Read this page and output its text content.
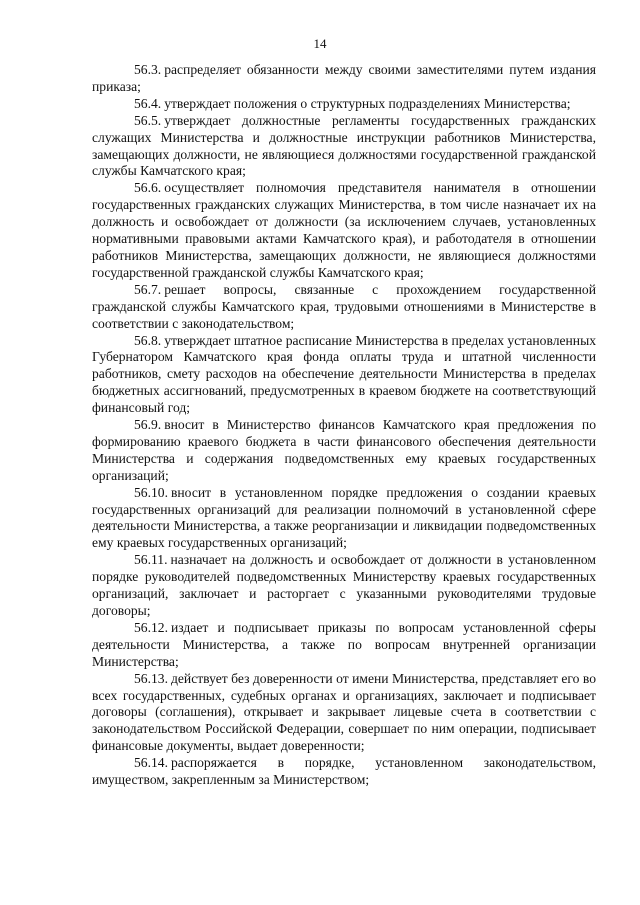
14

56.3. распределяет обязанности между своими заместителями путем издания приказа;

56.4. утверждает положения о структурных подразделениях Министерства;

56.5. утверждает должностные регламенты государственных гражданских служащих Министерства и должностные инструкции работников Министерства, замещающих должности, не являющиеся должностями государственной гражданской службы Камчатского края;

56.6. осуществляет полномочия представителя нанимателя в отношении государственных гражданских служащих Министерства, в том числе назначает их на должность и освобождает от должности (за исключением случаев, установленных нормативными правовыми актами Камчатского края), и работодателя в отношении работников Министерства, замещающих должности, не являющиеся должностями государственной гражданской службы Камчатского края;

56.7. решает вопросы, связанные с прохождением государственной гражданской службы Камчатского края, трудовыми отношениями в Министерстве в соответствии с законодательством;

56.8. утверждает штатное расписание Министерства в пределах установленных Губернатором Камчатского края фонда оплаты труда и штатной численности работников, смету расходов на обеспечение деятельности Министерства в пределах бюджетных ассигнований, предусмотренных в краевом бюджете на соответствующий финансовый год;

56.9. вносит в Министерство финансов Камчатского края предложения по формированию краевого бюджета в части финансового обеспечения деятельности Министерства и содержания подведомственных ему краевых государственных организаций;

56.10. вносит в установленном порядке предложения о создании краевых государственных организаций для реализации полномочий в установленной сфере деятельности Министерства, а также реорганизации и ликвидации подведомственных ему краевых государственных организаций;

56.11. назначает на должность и освобождает от должности в установленном порядке руководителей подведомственных Министерству краевых государственных организаций, заключает и расторгает с указанными руководителями трудовые договоры;

56.12. издает и подписывает приказы по вопросам установленной сферы деятельности Министерства, а также по вопросам внутренней организации Министерства;

56.13. действует без доверенности от имени Министерства, представляет его во всех государственных, судебных органах и организациях, заключает и подписывает договоры (соглашения), открывает и закрывает лицевые счета в соответствии с законодательством Российской Федерации, совершает по ним операции, подписывает финансовые документы, выдает доверенности;

56.14. распоряжается в порядке, установленном законодательством, имуществом, закрепленным за Министерством;
